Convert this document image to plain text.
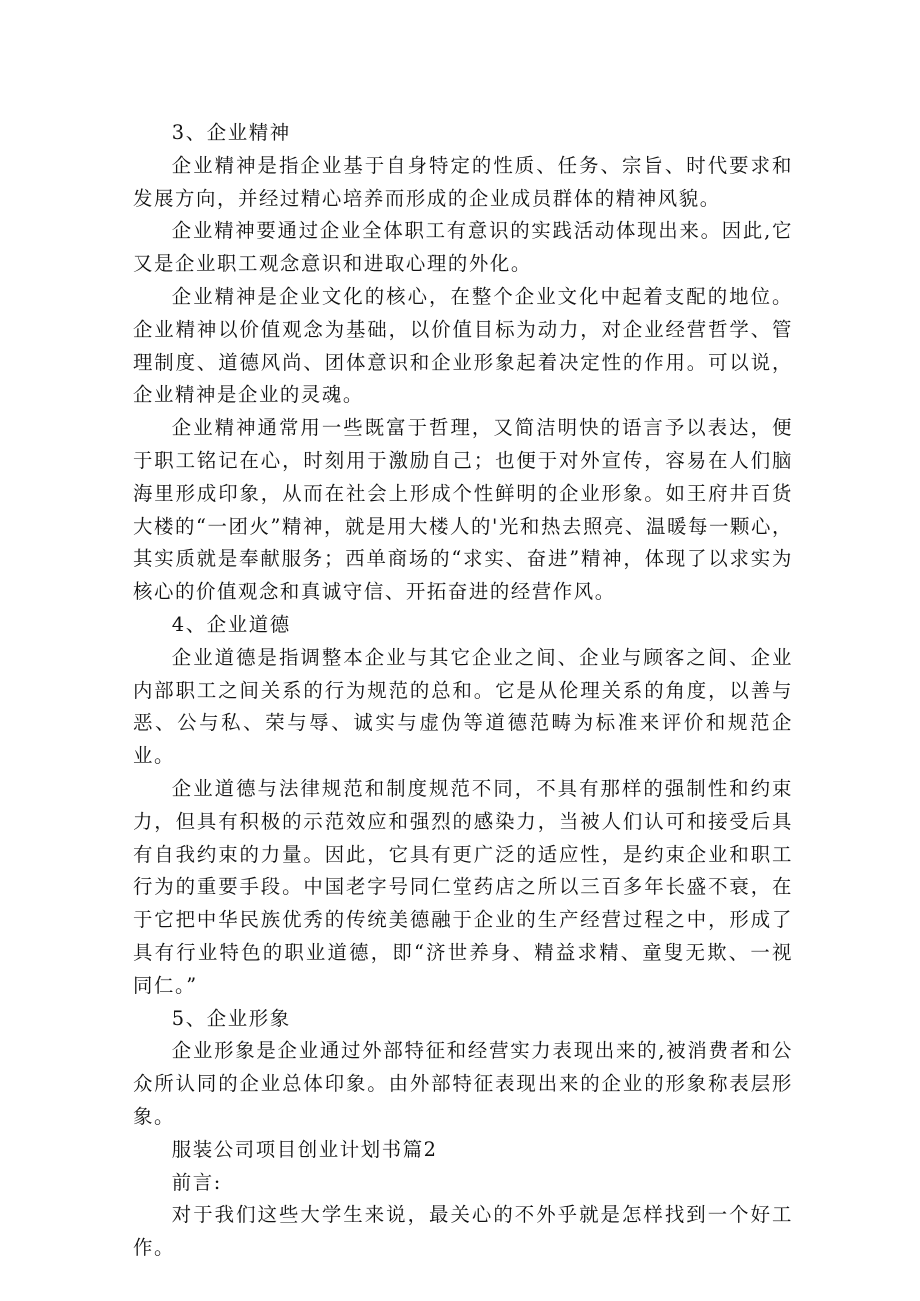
3、企业精神

企业精神是指企业基于自身特定的性质、任务、宗旨、时代要求和发展方向，并经过精心培养而形成的企业成员群体的精神风貌。

企业精神要通过企业全体职工有意识的实践活动体现出来。因此,它又是企业职工观念意识和进取心理的外化。

企业精神是企业文化的核心，在整个企业文化中起着支配的地位。企业精神以价值观念为基础，以价值目标为动力，对企业经营哲学、管理制度、道德风尚、团体意识和企业形象起着决定性的作用。可以说，企业精神是企业的灵魂。

企业精神通常用一些既富于哲理，又简洁明快的语言予以表达，便于职工铭记在心，时刻用于激励自己；也便于对外宣传，容易在人们脑海里形成印象，从而在社会上形成个性鲜明的企业形象。如王府井百货大楼的“一团火”精神，就是用大楼人的'光和热去照亮、温暖每一颗心，其实质就是奉献服务；西单商场的“求实、奋进”精神，体现了以求实为核心的价值观念和真诚守信、开拓奋进的经营作风。

4、企业道德

企业道德是指调整本企业与其它企业之间、企业与顾客之间、企业内部职工之间关系的行为规范的总和。它是从伦理关系的角度，以善与恶、公与私、荣与辱、诚实与虚伪等道德范畴为标准来评价和规范企业。

企业道德与法律规范和制度规范不同，不具有那样的强制性和约束力，但具有积极的示范效应和强烈的感染力，当被人们认可和接受后具有自我约束的力量。因此，它具有更广泛的适应性，是约束企业和职工行为的重要手段。中国老字号同仁堂药店之所以三百多年长盛不衰，在于它把中华民族优秀的传统美德融于企业的生产经营过程之中，形成了具有行业特色的职业道德，即“济世养身、精益求精、童叟无欺、一视同仁。”

5、企业形象

企业形象是企业通过外部特征和经营实力表现出来的,被消费者和公众所认同的企业总体印象。由外部特征表现出来的企业的形象称表层形象。

服装公司项目创业计划书篇2

前言:

对于我们这些大学生来说，最关心的不外乎就是怎样找到一个好工作。
